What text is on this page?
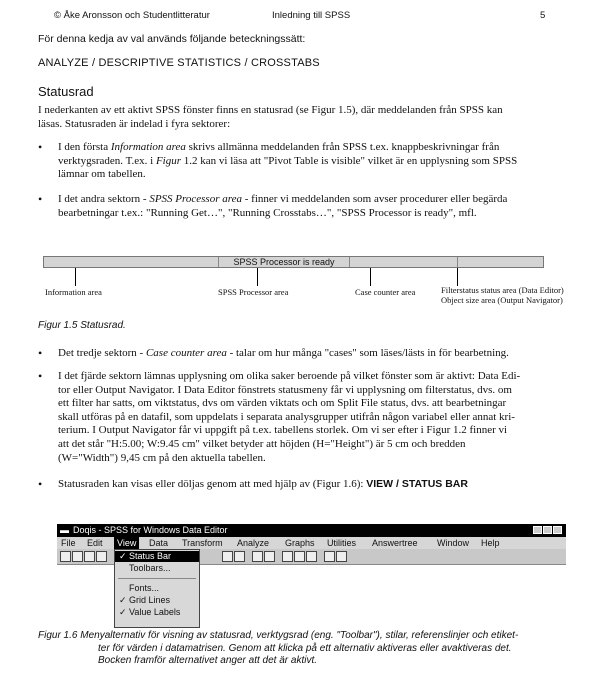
© Åke Aronsson och Studentlitteratur	Inledning till SPSS	5
För denna kedja av val används följande beteckningssätt:
ANALYZE / DESCRIPTIVE STATISTICS / CROSSTABS
Statusrad
I nederkanten av ett aktivt SPSS fönster finns en statusrad (se Figur 1.5), där meddelanden från SPSS kan
läsas. Statusraden är indelad i fyra sektorer:
• I den första Information area skrivs allmänna meddelanden från SPSS t.ex. knappbeskrivningar från
verktygsraden. T.ex. i Figur 1.2 kan vi läsa att "Pivot Table is visible" vilket är en upplysning som SPSS
lämnar om tabellen.
• I det andra sektorn - SPSS Processor area - finner vi meddelanden som avser procedurer eller begärda
bearbetningar t.ex.: "Running Get…", "Running Crosstabs…", "SPSS Processor is ready", mfl.
SPSS Processor is ready
Information area	SPSS Processor area	Case counter area	Filterstatus status area (Data Editor)
Object size area (Output Navigator)
Figur 1.5 Statusrad.
• Det tredje sektorn - Case counter area - talar om hur många "cases" som läses/lästs in för bearbetning.
• I det fjärde sektorn lämnas upplysning om olika saker beroende på vilket fönster som är aktivt: Data Edi-
tor eller Output Navigator. I Data Editor fönstrets statusmeny får vi upplysning om filterstatus, dvs. om
ett filter har satts, om viktstatus, dvs om värden viktats och om Split File status, dvs. att bearbetningar
skall utföras på en datafil, som uppdelats i separata analysgrupper utifrån någon variabel eller annat kri-
terium. I Output Navigator får vi uppgift på t.ex. tabellens storlek. Om vi ser efter i Figur 1.2 finner vi
att det står "H:5.00; W:9.45 cm" vilket betyder att höjden (H="Height") är 5 cm och bredden
(W="Width") 9,45 cm på den aktuella tabellen.
• Statusraden kan visas eller döljas genom att med hjälp av (Figur 1.6): VIEW / STATUS BAR
▬ Doqis - SPSS for Windows Data Editor
File Edit	View	Data Transform Analyze Graphs Utilities Answertree Window Help
✓ Status Bar
Toolbars...
Fonts...
✓ Grid Lines
✓ Value Labels
Figur 1.6 Menyalternativ för visning av statusrad, verktygsrad (eng. "Toolbar"), stilar, referenslinjer och etiket-
ter för värden i datamatrisen. Genom att klicka på ett alternativ aktiveras eller avaktiveras det.
Bocken framför alternativet anger att det är aktivt.
